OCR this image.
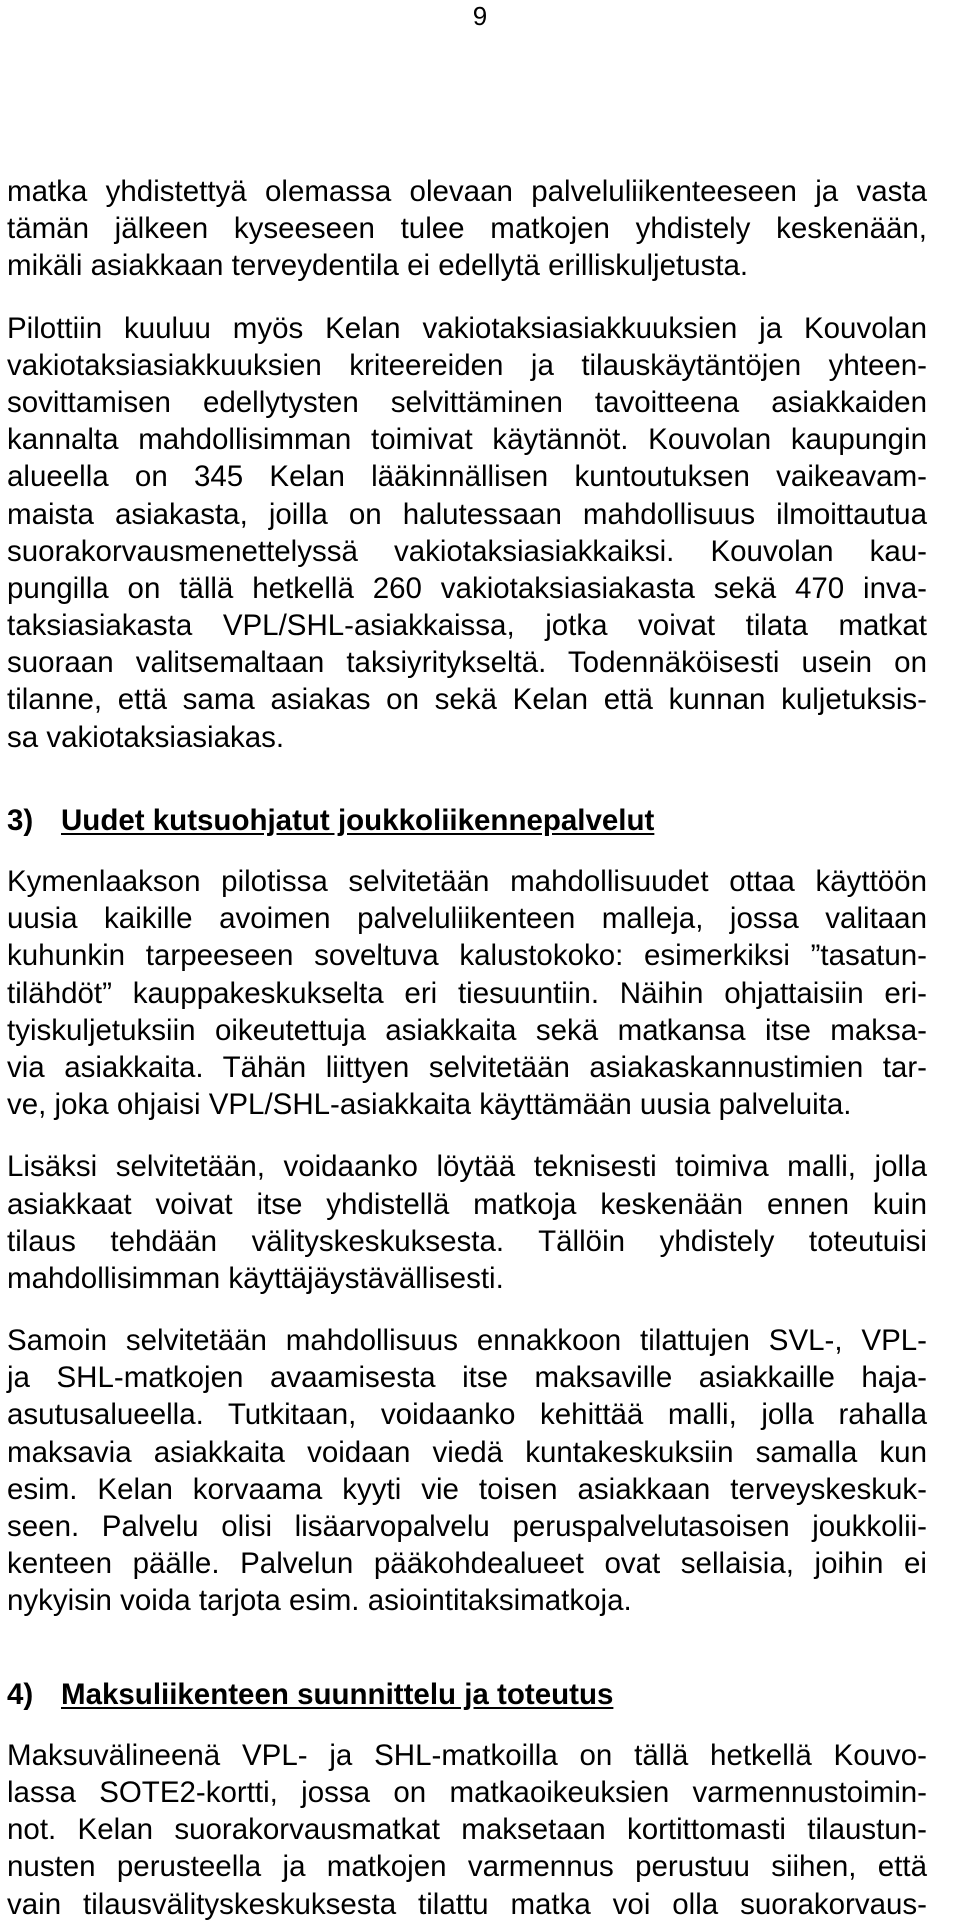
9
matka yhdistettyä olemassa olevaan palveluliikenteeseen ja vasta
tämän jälkeen kyseeseen tulee matkojen yhdistely keskenään,
mikäli asiakkaan terveydentila ei edellytä erilliskuljetusta.
Pilottiin kuuluu myös Kelan vakiotaksiasiakkuuksien ja Kouvolan
vakiotaksiasiakkuuksien kriteereiden ja tilauskäytäntöjen yhteen-
sovittamisen edellytysten selvittäminen tavoitteena asiakkaiden
kannalta mahdollisimman toimivat käytännöt. Kouvolan kaupungin
alueella on 345 Kelan lääkinnällisen kuntoutuksen vaikeavam-
maista asiakasta, joilla on halutessaan mahdollisuus ilmoittautua
suorakorvausmenettelyssä vakiotaksiasiakkaiksi. Kouvolan kau-
pungilla on tällä hetkellä 260 vakiotaksiasiakasta sekä 470 inva-
taksiasiakasta VPL/SHL-asiakkaissa, jotka voivat tilata matkat
suoraan valitsemaltaan taksiyritykseltä. Todennäköisesti usein on
tilanne, että sama asiakas on sekä Kelan että kunnan kuljetuksis-
sa vakiotaksiasiakas.
3) Uudet kutsuohjatut joukkoliikennepalvelut
Kymenlaakson pilotissa selvitetään mahdollisuudet ottaa käyttöön
uusia kaikille avoimen palveluliikenteen malleja, jossa valitaan
kuhunkin tarpeeseen soveltuva kalustokoko: esimerkiksi ”tasatun-
tilähdöt” kauppakeskukselta eri tiesuuntiin. Näihin ohjattaisiin eri-
tyiskuljetuksiin oikeutettuja asiakkaita sekä matkansa itse maksa-
via asiakkaita. Tähän liittyen selvitetään asiakaskannustimien tar-
ve, joka ohjaisi VPL/SHL-asiakkaita käyttämään uusia palveluita.
Lisäksi selvitetään, voidaanko löytää teknisesti toimiva malli, jolla
asiakkaat voivat itse yhdistellä matkoja keskenään ennen kuin
tilaus tehdään välityskeskuksesta. Tällöin yhdistely toteutuisi
mahdollisimman käyttäjäystävällisesti.
Samoin selvitetään mahdollisuus ennakkoon tilattujen SVL-, VPL-
ja SHL-matkojen avaamisesta itse maksaville asiakkaille haja-
asutusalueella. Tutkitaan, voidaanko kehittää malli, jolla rahalla
maksavia asiakkaita voidaan viedä kuntakeskuksiin samalla kun
esim. Kelan korvaama kyyti vie toisen asiakkaan terveyskeskuk-
seen. Palvelu olisi lisäarvopalvelu peruspalvelutasoisen joukkolii-
kenteen päälle. Palvelun pääkohdealueet ovat sellaisia, joihin ei
nykyisin voida tarjota esim. asiointitaksimatkoja.
4) Maksuliikenteen suunnittelu ja toteutus
Maksuvälineenä VPL- ja SHL-matkoilla on tällä hetkellä Kouvo-
lassa SOTE2-kortti, jossa on matkaoikeuksien varmennustoimin-
not. Kelan suorakorvausmatkat maksetaan kortittomasti tilaustun-
nusten perusteella ja matkojen varmennus perustuu siihen, että
vain tilausvälityskeskuksesta tilattu matka voi olla suorakorvaus-
